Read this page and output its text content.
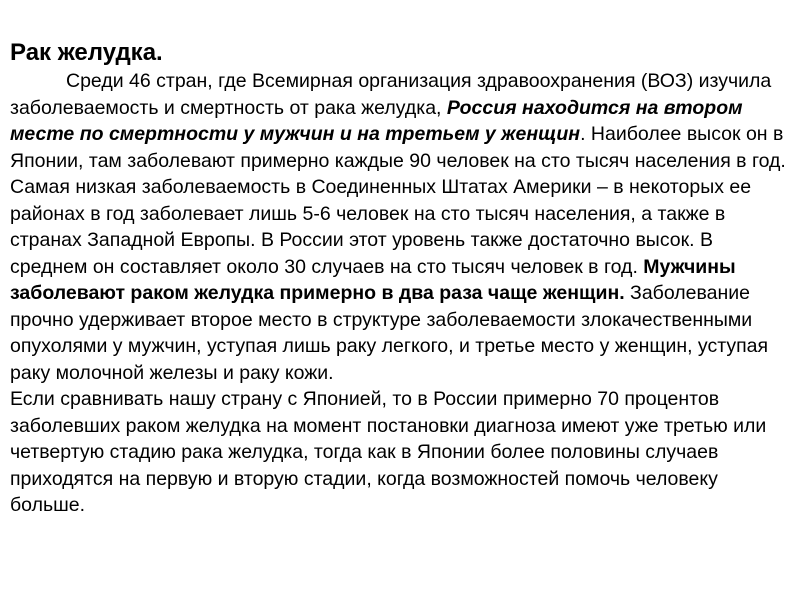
Рак желудка.

Среди 46 стран, где Всемирная организация здравоохранения (ВОЗ) изучила заболеваемость и смертность от рака желудка, Россия находится на втором месте по смертности у мужчин и на третьем у женщин. Наиболее высок он в Японии, там заболевают примерно каждые 90 человек на сто тысяч населения в год. Самая низкая заболеваемость в Соединенных Штатах Америки – в некоторых ее районах в год заболевает лишь 5-6 человек на сто тысяч населения, а также в странах Западной Европы. В России этот уровень также достаточно высок. В среднем он составляет около 30 случаев на сто тысяч человек в год. Мужчины заболевают раком желудка примерно в два раза чаще женщин. Заболевание прочно удерживает второе место в структуре заболеваемости злокачественными опухолями у мужчин, уступая лишь раку легкого, и третье место у женщин, уступая раку молочной железы и раку кожи.

Если сравнивать нашу страну с Японией, то в России примерно 70 процентов заболевших раком желудка на момент постановки диагноза имеют уже третью или четвертую стадию рака желудка, тогда как в Японии более половины случаев приходятся на первую и вторую стадии, когда возможностей помочь человеку больше.
